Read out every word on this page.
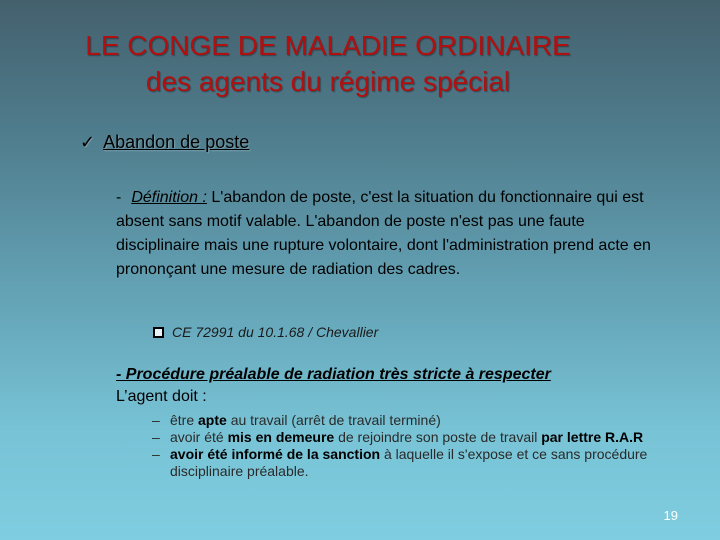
LE CONGE DE MALADIE ORDINAIRE
des agents du régime spécial
✓ Abandon de poste
- Définition : L'abandon de poste, c'est la situation du fonctionnaire qui est absent sans motif valable. L'abandon de poste n'est pas une faute disciplinaire mais une rupture volontaire, dont l'administration prend acte en prononçant une mesure de radiation des cadres.
CE 72991 du 10.1.68 / Chevallier
- Procédure préalable de radiation très stricte à respecter
L’agent doit :
– être apte au travail (arrêt de travail terminé)
– avoir été mis en demeure de rejoindre son poste de travail par lettre R.A.R
– avoir été informé de la sanction à laquelle il s'expose et ce sans procédure disciplinaire préalable.
19
